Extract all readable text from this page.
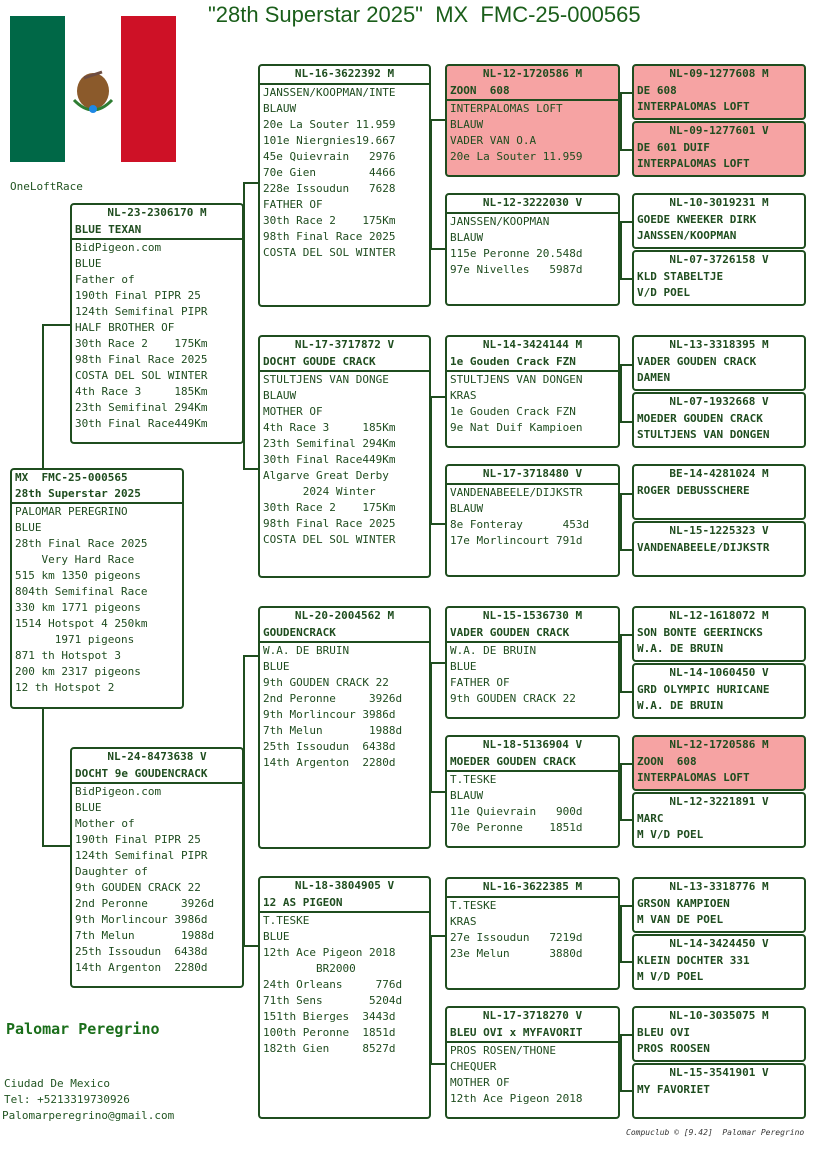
"28th Superstar 2025"  MX  FMC-25-000565
OneLoftRace
Palomar Peregrino
Ciudad De Mexico
Tel: +5213319730926
Palomarperegrino@gmail.com
Compuclub © [9.42]  Palomar Peregrino
MX  FMC-25-000565
28th Superstar 2025
PALOMAR PEREGRINO
BLUE
28th Final Race 2025
Very Hard Race
515 km 1350 pigeons
804th Semifinal Race
330 km 1771 pigeons
1514 Hotspot 4 250km
1971 pigeons
871 th Hotspot 3
200 km 2317 pigeons
12 th Hotspot 2
NL-23-2306170 M
BLUE TEXAN
BidPigeon.com
BLUE
Father of
190th Final PIPR 25
124th Semifinal PIPR
HALF BROTHER OF
30th Race 2    175Km
98th Final Race 2025
COSTA DEL SOL WINTER
4th Race 3     185Km
23th Semifinal 294Km
30th Final Race449Km
NL-24-8473638 V
DOCHT 9e GOUDENCRACK
BidPigeon.com
BLUE
Mother of
190th Final PIPR 25
124th Semifinal PIPR
Daughter of
9th GOUDEN CRACK 22
2nd Peronne     3926d
9th Morlincour 3986d
7th Melun       1988d
25th Issoudun  6438d
14th Argenton  2280d
NL-16-3622392 M
JANSSEN/KOOPMAN/INTE
BLAUW
20e La Souter 11.959
101e Niergnies19.667
45e Quievrain   2976
70e Gien        4466
228e Issoudun   7628
FATHER OF
30th Race 2    175Km
98th Final Race 2025
COSTA DEL SOL WINTER
NL-17-3717872 V
DOCHT GOUDE CRACK
STULTJENS VAN DONGE
BLAUW
MOTHER OF
4th Race 3     185Km
23th Semifinal 294Km
30th Final Race449Km
Algarve Great Derby
2024 Winter
30th Race 2    175Km
98th Final Race 2025
COSTA DEL SOL WINTER
NL-20-2004562 M
GOUDENCRACK
W.A. DE BRUIN
BLUE
9th GOUDEN CRACK 22
2nd Peronne     3926d
9th Morlincour 3986d
7th Melun       1988d
25th Issoudun  6438d
14th Argenton  2280d
NL-18-3804905 V
12 AS PIGEON
T.TESKE
BLUE
12th Ace Pigeon 2018
BR2000
24th Orleans     776d
71th Sens       5204d
151th Bierges  3443d
100th Peronne  1851d
182th Gien     8527d
NL-12-1720586 M
ZOON  608
INTERPALOMAS LOFT
BLAUW
VADER VAN O.A
20e La Souter 11.959
NL-12-3222030 V
JANSSEN/KOOPMAN
BLAUW
115e Peronne 20.548d
97e Nivelles   5987d
NL-14-3424144 M
1e Gouden Crack FZN
STULTJENS VAN DONGEN
KRAS
1e Gouden Crack FZN
9e Nat Duif Kampioen
NL-17-3718480 V
VANDENABEELE/DIJKSTR
BLAUW
8e Fonteray      453d
17e Morlincourt 791d
NL-15-1536730 M
VADER GOUDEN CRACK
W.A. DE BRUIN
BLUE
FATHER OF
9th GOUDEN CRACK 22
NL-18-5136904 V
MOEDER GOUDEN CRACK
T.TESKE
BLAUW
11e Quievrain   900d
70e Peronne    1851d
NL-16-3622385 M
T.TESKE
KRAS
27e Issoudun   7219d
23e Melun      3880d
NL-17-3718270 V
BLEU OVI x MYFAVORIT
PROS ROSEN/THONE
CHEQUER
MOTHER OF
12th Ace Pigeon 2018
NL-09-1277608 M
DE 608
INTERPALOMAS LOFT
NL-09-1277601 V
DE 601 DUIF
INTERPALOMAS LOFT
NL-10-3019231 M
GOEDE KWEEKER DIRK
JANSSEN/KOOPMAN
NL-07-3726158 V
KLD STABELTJE
V/D POEL
NL-13-3318395 M
VADER GOUDEN CRACK
DAMEN
NL-07-1932668 V
MOEDER GOUDEN CRACK
STULTJENS VAN DONGEN
BE-14-4281024 M
ROGER DEBUSSCHERE
NL-15-1225323 V
VANDENABEELE/DIJKSTR
NL-12-1618072 M
SON BONTE GEERINCKS
W.A. DE BRUIN
NL-14-1060450 V
GRD OLYMPIC HURICANE
W.A. DE BRUIN
NL-12-1720586 M
ZOON  608
INTERPALOMAS LOFT
NL-12-3221891 V
MARC
M V/D POEL
NL-13-3318776 M
GRSON KAMPIOEN
M VAN DE POEL
NL-14-3424450 V
KLEIN DOCHTER 331
M V/D POEL
NL-10-3035075 M
BLEU OVI
PROS ROOSEN
NL-15-3541901 V
MY FAVORIET
